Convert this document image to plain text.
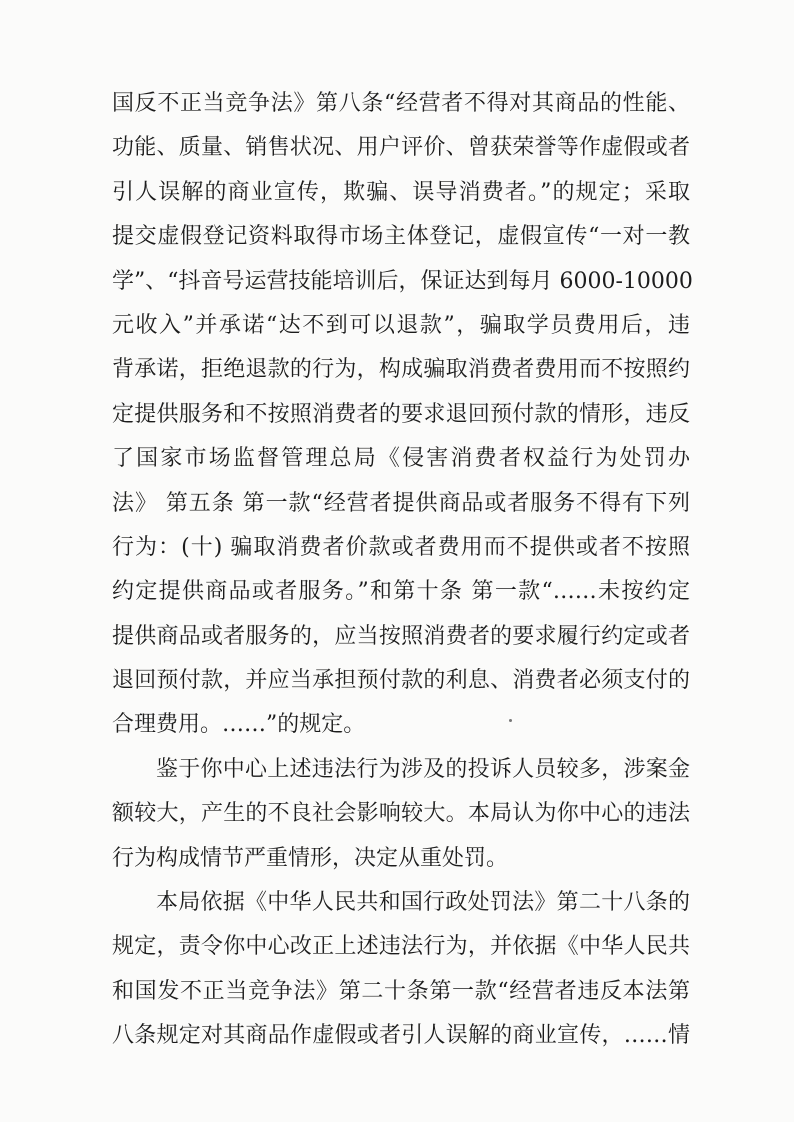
国反不正当竞争法》第八条“经营者不得对其商品的性能、
功能、质量、销售状况、用户评价、曾获荣誉等作虚假或者
引人误解的商业宣传，欺骗、误导消费者。”的规定；采取
提交虚假登记资料取得市场主体登记，虚假宣传“一对一教
学”、“抖音号运营技能培训后，保证达到每月 6000-10000
元收入”并承诺“达不到可以退款”，骗取学员费用后，违
背承诺，拒绝退款的行为，构成骗取消费者费用而不按照约
定提供服务和不按照消费者的要求退回预付款的情形，违反
了国家市场监督管理总局《侵害消费者权益行为处罚办
法》 第五条 第一款“经营者提供商品或者服务不得有下列
行为：(十) 骗取消费者价款或者费用而不提供或者不按照
约定提供商品或者服务。”和第十条 第一款“……未按约定
提供商品或者服务的，应当按照消费者的要求履行约定或者
退回预付款，并应当承担预付款的利息、消费者必须支付的
合理费用。……”的规定。
鉴于你中心上述违法行为涉及的投诉人员较多，涉案金
额较大，产生的不良社会影响较大。本局认为你中心的违法
行为构成情节严重情形，决定从重处罚。
本局依据《中华人民共和国行政处罚法》第二十八条的
规定，责令你中心改正上述违法行为，并依据《中华人民共
和国发不正当竞争法》第二十条第一款“经营者违反本法第
八条规定对其商品作虚假或者引人误解的商业宣传，……情
